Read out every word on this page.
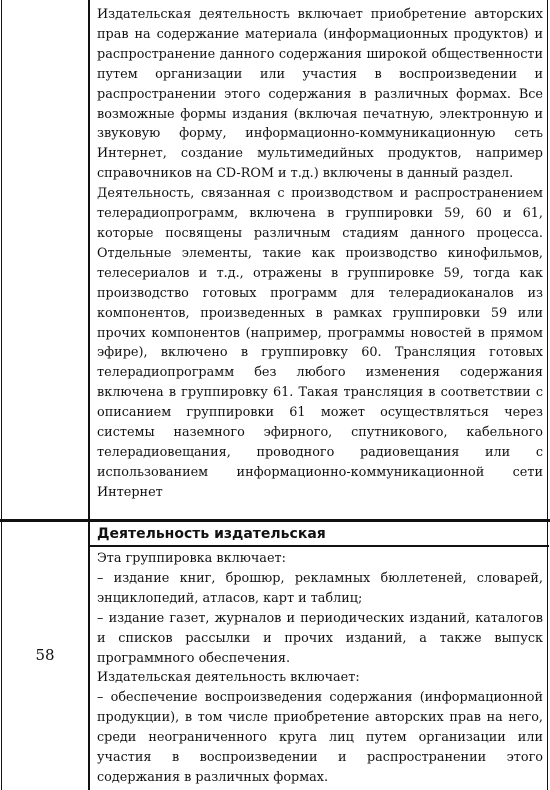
Издательская деятельность включает приобретение авторских прав на содержание материала (информационных продуктов) и распространение данного содержания широкой общественности путем организации или участия в воспроизведении и распространении этого содержания в различных формах. Все возможные формы издания (включая печатную, электронную и звуковую форму, информационно-коммуникационную сеть Интернет, создание мультимедийных продуктов, например справочников на CD-ROM и т.д.) включены в данный раздел.

Деятельность, связанная с производством и распространением телерадиопрограмм, включена в группировки 59, 60 и 61, которые посвящены различным стадиям данного процесса. Отдельные элементы, такие как производство кинофильмов, телесериалов и т.д., отражены в группировке 59, тогда как производство готовых программ для телерадиоканалов из компонентов, произведенных в рамках группировки 59 или прочих компонентов (например, программы новостей в прямом эфире), включено в группировку 60. Трансляция готовых телерадиопрограмм без любого изменения содержания включена в группировку 61. Такая трансляция в соответствии с описанием группировки 61 может осуществляться через системы наземного эфирного, спутникового, кабельного телерадиовещания, проводного радиовещания или с использованием информационно-коммуникационной сети Интернет

58
Деятельность издательская

Эта группировка включает:

– издание книг, брошюр, рекламных бюллетеней, словарей, энциклопедий, атласов, карт и таблиц;

– издание газет, журналов и периодических изданий, каталогов и списков рассылки и прочих изданий, а также выпуск программного обеспечения.

Издательская деятельность включает:

– обеспечение воспроизведения содержания (информационной продукции), в том числе приобретение авторских прав на него, среди неограниченного круга лиц путем организации или участия в воспроизведении и распространении этого содержания в различных формах.
